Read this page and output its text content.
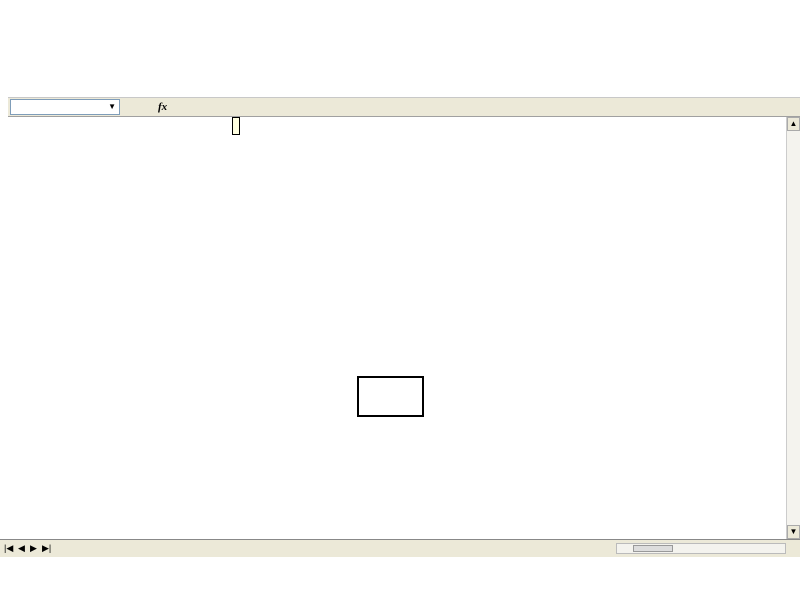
▼	fx
▲
▼
|◀ ◀ ▶ ▶|
